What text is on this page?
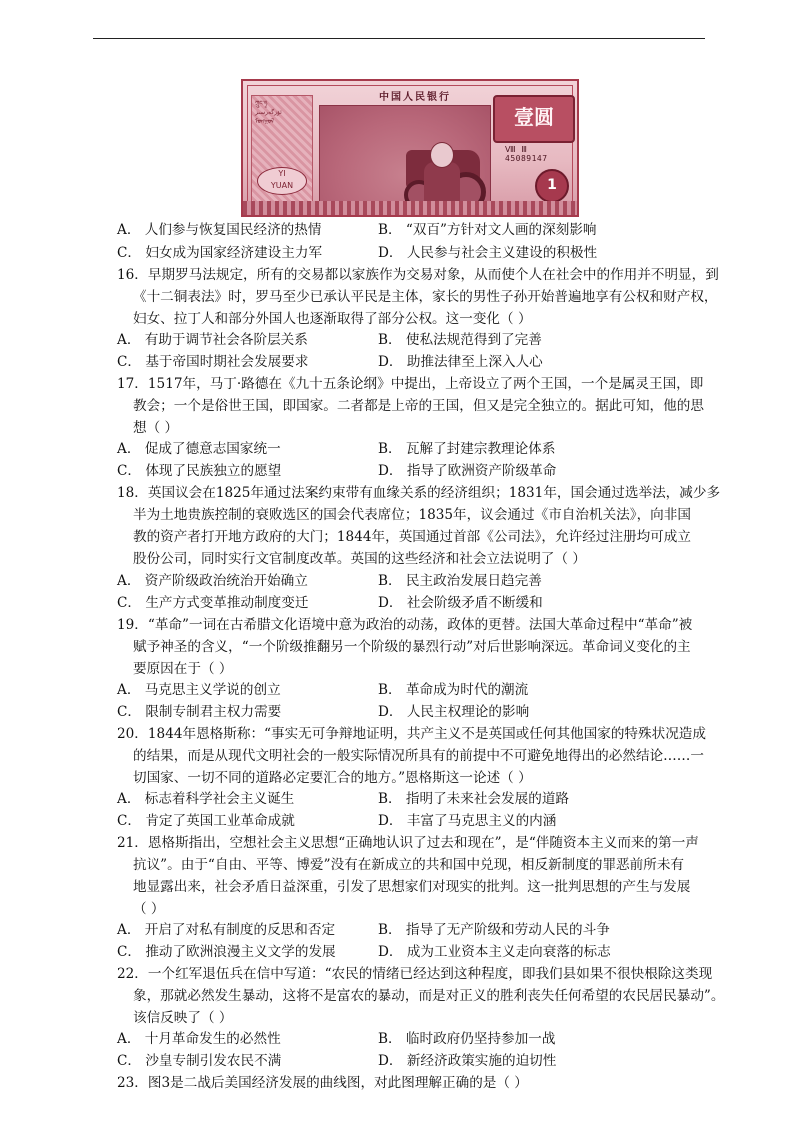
ཀྲུང་ཧྭ
ئۆزگەرسىز
ᠮᠣᠩᠭᠣᠯ
YI
YUAN
中国人民银行
壹圆
Ⅷ Ⅲ 45089147
1
A． 人们参与恢复国民经济的热情	B． “双百”方针对文人画的深刻影响
C． 妇女成为国家经济建设主力军	D． 人民参与社会主义建设的积极性
16．早期罗马法规定，所有的交易都以家族作为交易对象，从而使个人在社会中的作用并不明显，到
《十二铜表法》时，罗马至少已承认平民是主体，家长的男性子孙开始普遍地享有公权和财产权，
妇女、拉丁人和部分外国人也逐渐取得了部分公权。这一变化（ ）
A． 有助于调节社会各阶层关系	B． 使私法规范得到了完善
C． 基于帝国时期社会发展要求	D． 助推法律至上深入人心
17．1517年，马丁·路德在《九十五条论纲》中提出，上帝设立了两个王国，一个是属灵王国，即
教会；一个是俗世王国，即国家。二者都是上帝的王国，但又是完全独立的。据此可知，他的思
想（ ）
A． 促成了德意志国家统一	B． 瓦解了封建宗教理论体系
C． 体现了民族独立的愿望	D． 指导了欧洲资产阶级革命
18．英国议会在1825年通过法案约束带有血缘关系的经济组织；1831年，国会通过选举法，减少多
半为土地贵族控制的衰败选区的国会代表席位；1835年，议会通过《市自治机关法》，向非国
教的资产者打开地方政府的大门；1844年，英国通过首部《公司法》，允许经过注册均可成立
股份公司，同时实行文官制度改革。英国的这些经济和社会立法说明了（ ）
A． 资产阶级政治统治开始确立	B． 民主政治发展日趋完善
C． 生产方式变革推动制度变迁	D． 社会阶级矛盾不断缓和
19．“革命”一词在古希腊文化语境中意为政治的动荡，政体的更替。法国大革命过程中“革命”被
赋予神圣的含义，“一个阶级推翻另一个阶级的暴烈行动”对后世影响深远。革命词义变化的主
要原因在于（ ）
A． 马克思主义学说的创立	B． 革命成为时代的潮流
C． 限制专制君主权力需要	D． 人民主权理论的影响
20．1844年恩格斯称：“事实无可争辩地证明，共产主义不是英国或任何其他国家的特殊状况造成
的结果，而是从现代文明社会的一般实际情况所具有的前提中不可避免地得出的必然结论……一
切国家、一切不同的道路必定要汇合的地方。”恩格斯这一论述（ ）
A． 标志着科学社会主义诞生	B． 指明了未来社会发展的道路
C． 肯定了英国工业革命成就	D． 丰富了马克思主义的内涵
21．恩格斯指出，空想社会主义思想“正确地认识了过去和现在”，是“伴随资本主义而来的第一声
抗议”。由于“自由、平等、博爱”没有在新成立的共和国中兑现，相反新制度的罪恶前所未有
地显露出来，社会矛盾日益深重，引发了思想家们对现实的批判。这一批判思想的产生与发展
（ ）
A． 开启了对私有制度的反思和否定	B． 指导了无产阶级和劳动人民的斗争
C． 推动了欧洲浪漫主义文学的发展	D． 成为工业资本主义走向衰落的标志
22．一个红军退伍兵在信中写道：“农民的情绪已经达到这种程度，即我们县如果不很快根除这类现
象，那就必然发生暴动，这将不是富农的暴动，而是对正义的胜利丧失任何希望的农民居民暴动”。
该信反映了（ ）
A． 十月革命发生的必然性	B． 临时政府仍坚持参加一战
C． 沙皇专制引发农民不满	D． 新经济政策实施的迫切性
23．图3是二战后美国经济发展的曲线图，对此图理解正确的是（ ）
